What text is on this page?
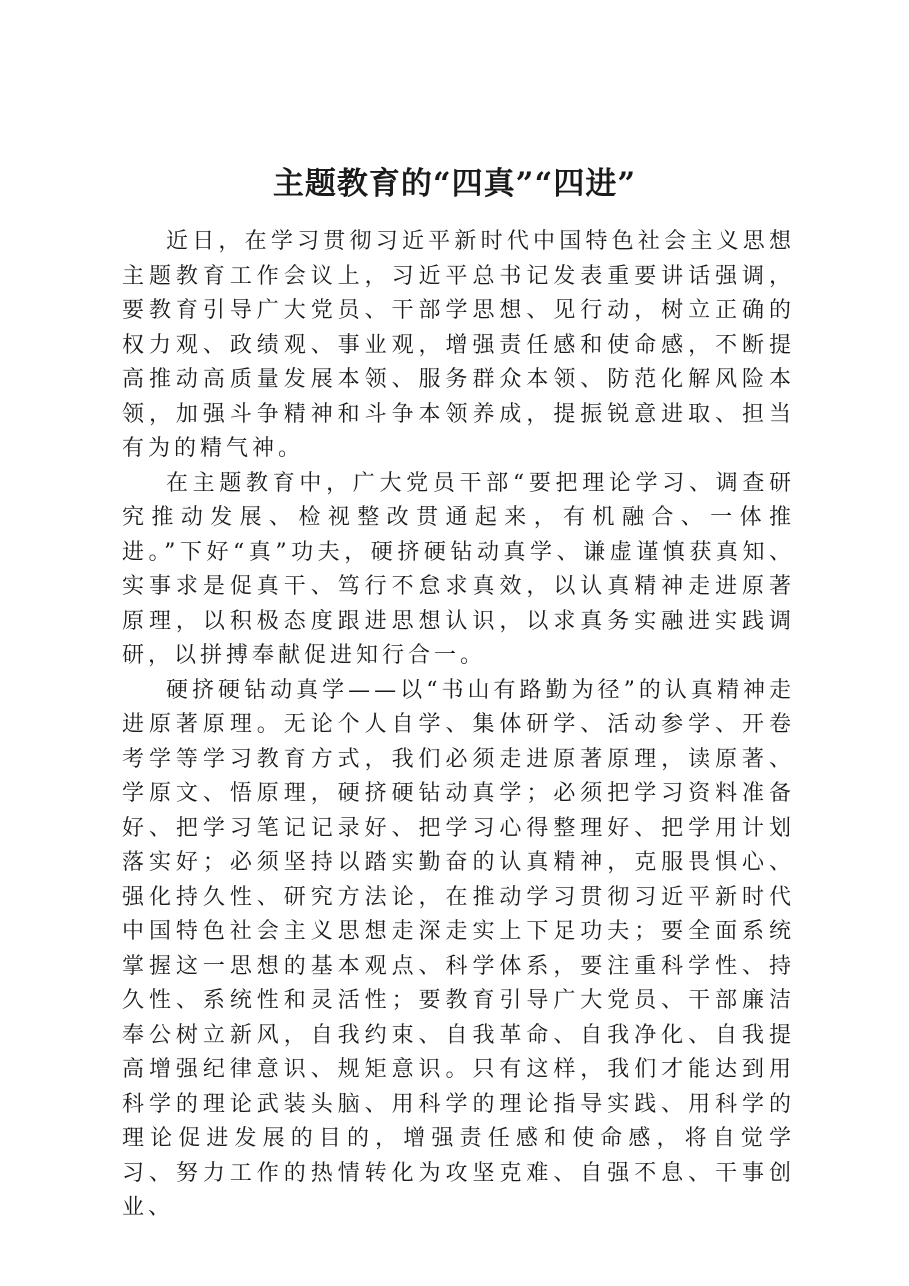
主题教育的“四真”“四进”

近日，在学习贯彻习近平新时代中国特色社会主义思想主题教育工作会议上，习近平总书记发表重要讲话强调，要教育引导广大党员、干部学思想、见行动，树立正确的权力观、政绩观、事业观，增强责任感和使命感，不断提高推动高质量发展本领、服务群众本领、防范化解风险本领，加强斗争精神和斗争本领养成，提振锐意进取、担当有为的精气神。

在主题教育中，广大党员干部“要把理论学习、调查研究推动发展、检视整改贯通起来，有机融合、一体推进。”下好“真”功夫，硬挤硬钻动真学、谦虚谨慎获真知、实事求是促真干、笃行不怠求真效，以认真精神走进原著原理，以积极态度跟进思想认识，以求真务实融进实践调研，以拼搏奉献促进知行合一。

硬挤硬钻动真学——以“书山有路勤为径”的认真精神走进原著原理。无论个人自学、集体研学、活动参学、开卷考学等学习教育方式，我们必须走进原著原理，读原著、学原文、悟原理，硬挤硬钻动真学；必须把学习资料准备好、把学习笔记记录好、把学习心得整理好、把学用计划落实好；必须坚持以踏实勤奋的认真精神，克服畏惧心、强化持久性、研究方法论，在推动学习贯彻习近平新时代中国特色社会主义思想走深走实上下足功夫；要全面系统掌握这一思想的基本观点、科学体系，要注重科学性、持久性、系统性和灵活性；要教育引导广大党员、干部廉洁奉公树立新风，自我约束、自我革命、自我净化、自我提高增强纪律意识、规矩意识。只有这样，我们才能达到用科学的理论武装头脑、用科学的理论指导实践、用科学的理论促进发展的目的，增强责任感和使命感，将自觉学习、努力工作的热情转化为攻坚克难、自强不息、干事创业、
